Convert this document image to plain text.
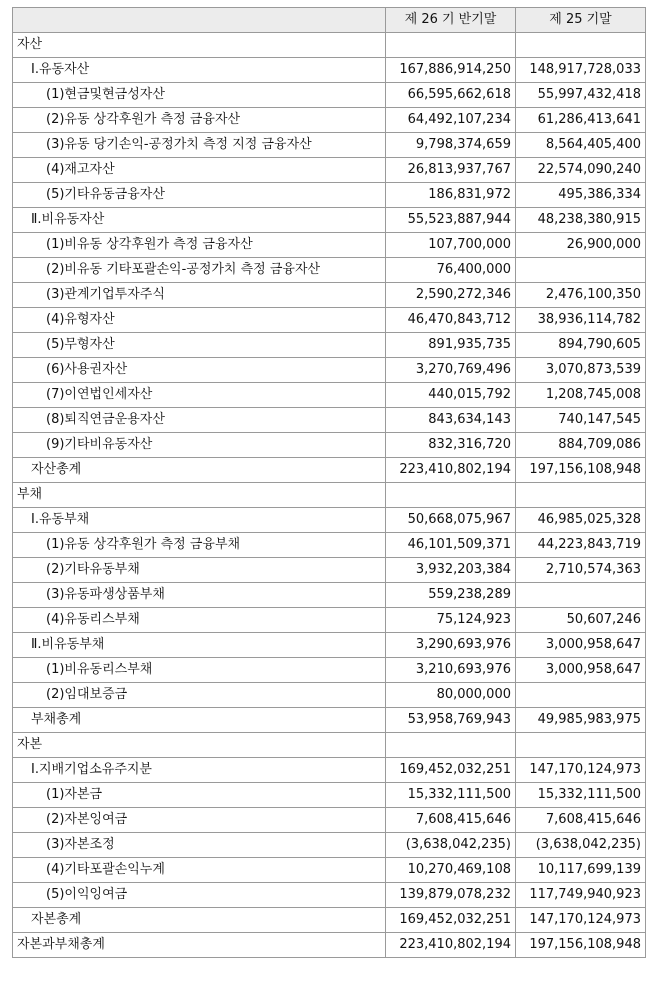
	제 26 기 반기말	제 25 기말
자산		
Ⅰ.유동자산	167,886,914,250	148,917,728,033
(1)현금및현금성자산	66,595,662,618	55,997,432,418
(2)유동 상각후원가 측정 금융자산	64,492,107,234	61,286,413,641
(3)유동 당기손익-공정가치 측정 지정 금융자산	9,798,374,659	8,564,405,400
(4)재고자산	26,813,937,767	22,574,090,240
(5)기타유동금융자산	186,831,972	495,386,334
Ⅱ.비유동자산	55,523,887,944	48,238,380,915
(1)비유동 상각후원가 측정 금융자산	107,700,000	26,900,000
(2)비유동 기타포괄손익-공정가치 측정 금융자산	76,400,000	
(3)관계기업투자주식	2,590,272,346	2,476,100,350
(4)유형자산	46,470,843,712	38,936,114,782
(5)무형자산	891,935,735	894,790,605
(6)사용권자산	3,270,769,496	3,070,873,539
(7)이연법인세자산	440,015,792	1,208,745,008
(8)퇴직연금운용자산	843,634,143	740,147,545
(9)기타비유동자산	832,316,720	884,709,086
자산총계	223,410,802,194	197,156,108,948
부채		
Ⅰ.유동부채	50,668,075,967	46,985,025,328
(1)유동 상각후원가 측정 금융부채	46,101,509,371	44,223,843,719
(2)기타유동부채	3,932,203,384	2,710,574,363
(3)유동파생상품부채	559,238,289	
(4)유동리스부채	75,124,923	50,607,246
Ⅱ.비유동부채	3,290,693,976	3,000,958,647
(1)비유동리스부채	3,210,693,976	3,000,958,647
(2)임대보증금	80,000,000	
부채총계	53,958,769,943	49,985,983,975
자본		
Ⅰ.지배기업소유주지분	169,452,032,251	147,170,124,973
(1)자본금	15,332,111,500	15,332,111,500
(2)자본잉여금	7,608,415,646	7,608,415,646
(3)자본조정	(3,638,042,235)	(3,638,042,235)
(4)기타포괄손익누계	10,270,469,108	10,117,699,139
(5)이익잉여금	139,879,078,232	117,749,940,923
자본총계	169,452,032,251	147,170,124,973
자본과부채총계	223,410,802,194	197,156,108,948
